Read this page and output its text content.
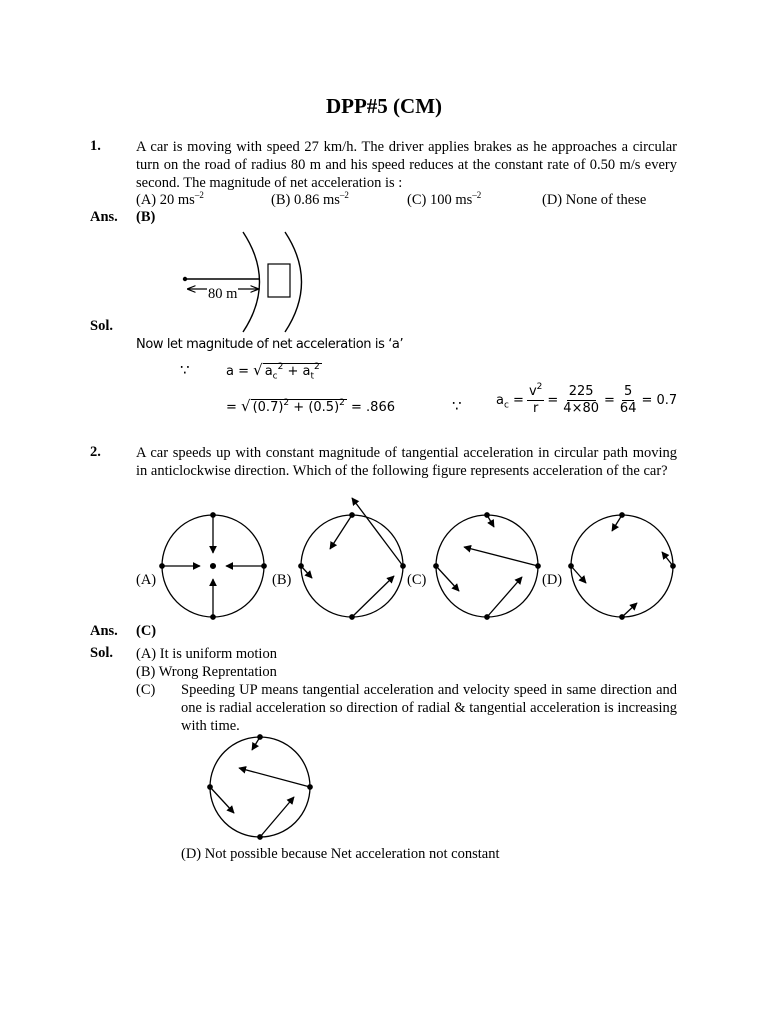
DPP#5 (CM)
1. A car is moving with speed 27 km/h. The driver applies brakes as he approaches a circular turn on the road of radius 80 m and his speed reduces at the constant rate of 0.50 m/s every second. The magnitude of net acceleration is :
(A) 20 $ms^{-2}$	(B) 0.86 $ms^{-2}$	(C) 100 $ms^{-2}$	(D) None of these
Ans. (B)
80 m
Sol.
Now let magnitude of net acceleration is ‘a’
∵	a = √ $a_c^2 + a_t^2$
= √ $(0.7)^2 + (0.5)^2 = .866$	∵	$a_c = \frac{v^2}{r} = \frac{225}{4\times 80} = \frac{5}{64} = 0.7$
2. A car speeds up with constant magnitude of tangential acceleration in circular path moving in anticlockwise direction. Which of the following figure represents acceleration of the car?
(A)	(B)	(C)	(D)
Ans. (C)
Sol. (A) It is uniform motion
(B) Wrong Reprentation
(C) Speeding UP means tangential acceleration and velocity speed in same direction and one is radial acceleration so direction of radial & tangential acceleration is increasing with time.
(D) Not possible because Net acceleration not constant
